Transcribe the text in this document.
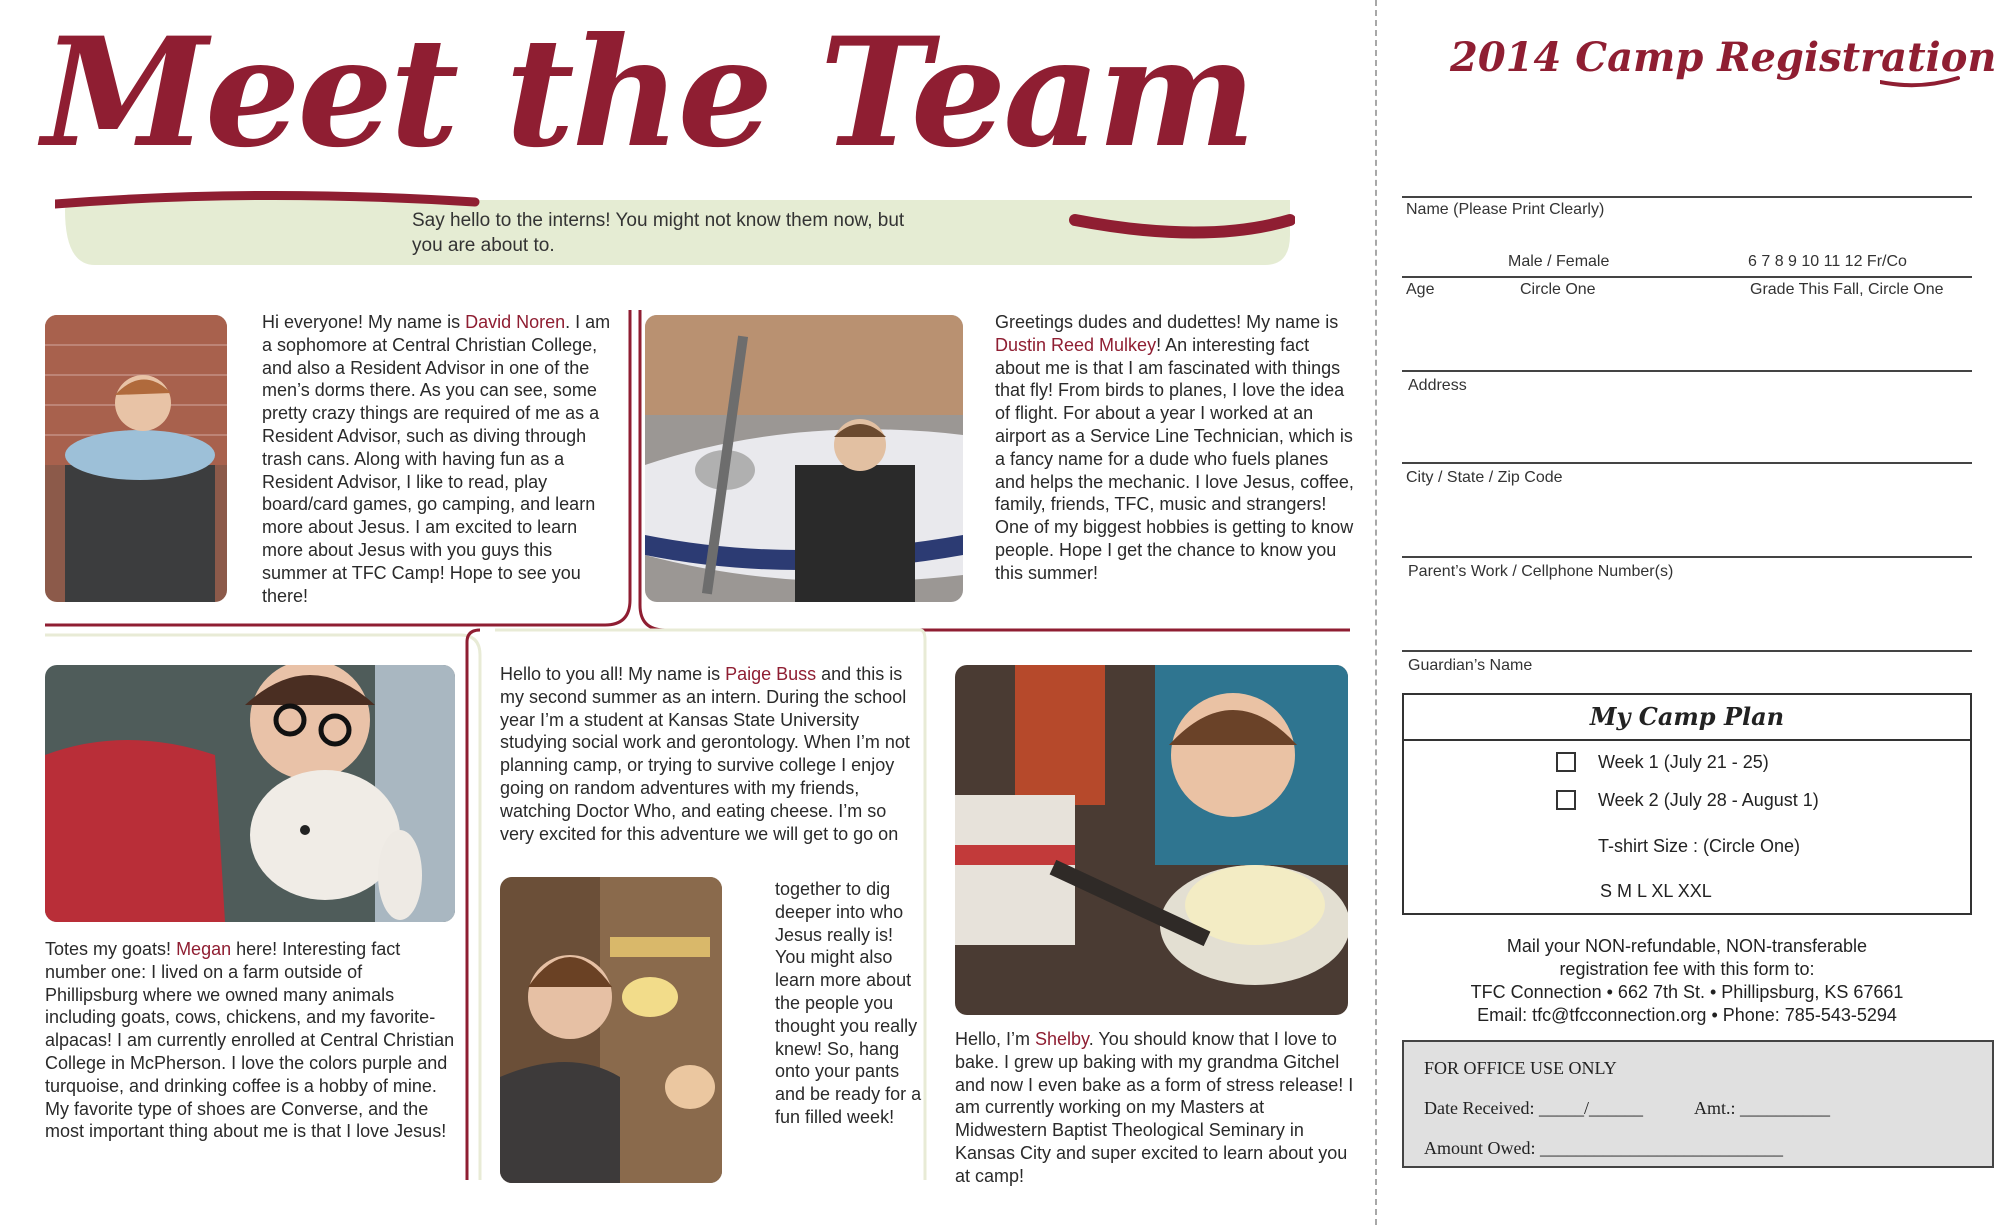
Meet the Team
Say hello to the interns! You might not know them now, but you are about to.
Hi everyone! My name is David Noren. I am a sophomore at Central Christian College, and also a Resident Advisor in one of the men’s dorms there. As you can see, some pretty crazy things are required of me as a Resident Advisor, such as diving through trash cans. Along with having fun as a Resident Advisor, I like to read, play board/card games, go camping, and learn more about Jesus. I am excited to learn more about Jesus with you guys this summer at TFC Camp! Hope to see you there!
Greetings dudes and dudettes! My name is Dustin Reed Mulkey! An interesting fact about me is that I am fascinated with things that fly! From birds to planes, I love the idea of flight. For about a year I worked at an airport as a Service Line Technician, which is a fancy name for a dude who fuels planes and helps the mechanic. I love Jesus, coffee, family, friends, TFC, music and strangers! One of my biggest hobbies is getting to know people. Hope I get the chance to know you this summer!
Totes my goats! Megan here! Interesting fact number one: I lived on a farm outside of Phillipsburg where we owned many animals including goats, cows, chickens, and my favorite- alpacas! I am currently enrolled at Central Christian College in McPherson. I love the colors purple and turquoise, and drinking coffee is a hobby of mine. My favorite type of shoes are Converse, and the most important thing about me is that I love Jesus!
Hello to you all! My name is Paige Buss and this is my second summer as an intern. During the school year I’m a student at Kansas State University studying social work and gerontology. When I’m not planning camp, or trying to survive college I enjoy going on random adventures with my friends, watching Doctor Who, and eating cheese. I’m so very excited for this adventure we will get to go on
together to dig deeper into who Jesus really is! You might also learn more about the people you thought you really knew! So, hang onto your pants and be ready for a fun filled week!
Hello, I’m Shelby. You should know that I love to bake. I grew up baking with my grandma Gitchel and now I even bake as a form of stress release! I am currently working on my Masters at Midwestern Baptist Theological Seminary in Kansas City and super excited to learn about you at camp!
2014 Camp Registration
Name (Please Print Clearly)
Male / Female	6 7 8 9 10 11 12 Fr/Co
Age	Circle One	Grade This Fall, Circle One
Address
City / State / Zip Code
Parent’s Work / Cellphone Number(s)
Guardian’s Name
My Camp Plan
Week 1 (July 21 - 25)
Week 2 (July 28 - August 1)
T-shirt Size : (Circle One)
S M L XL XXL
Mail your NON-refundable, NON-transferable
registration fee with this form to:
TFC Connection • 662 7th St. • Phillipsburg, KS 67661
Email: tfc@tfcconnection.org • Phone: 785-543-5294
FOR OFFICE USE ONLY
Date Received: _____/______	Amt.: __________
Amount Owed: ___________________________
